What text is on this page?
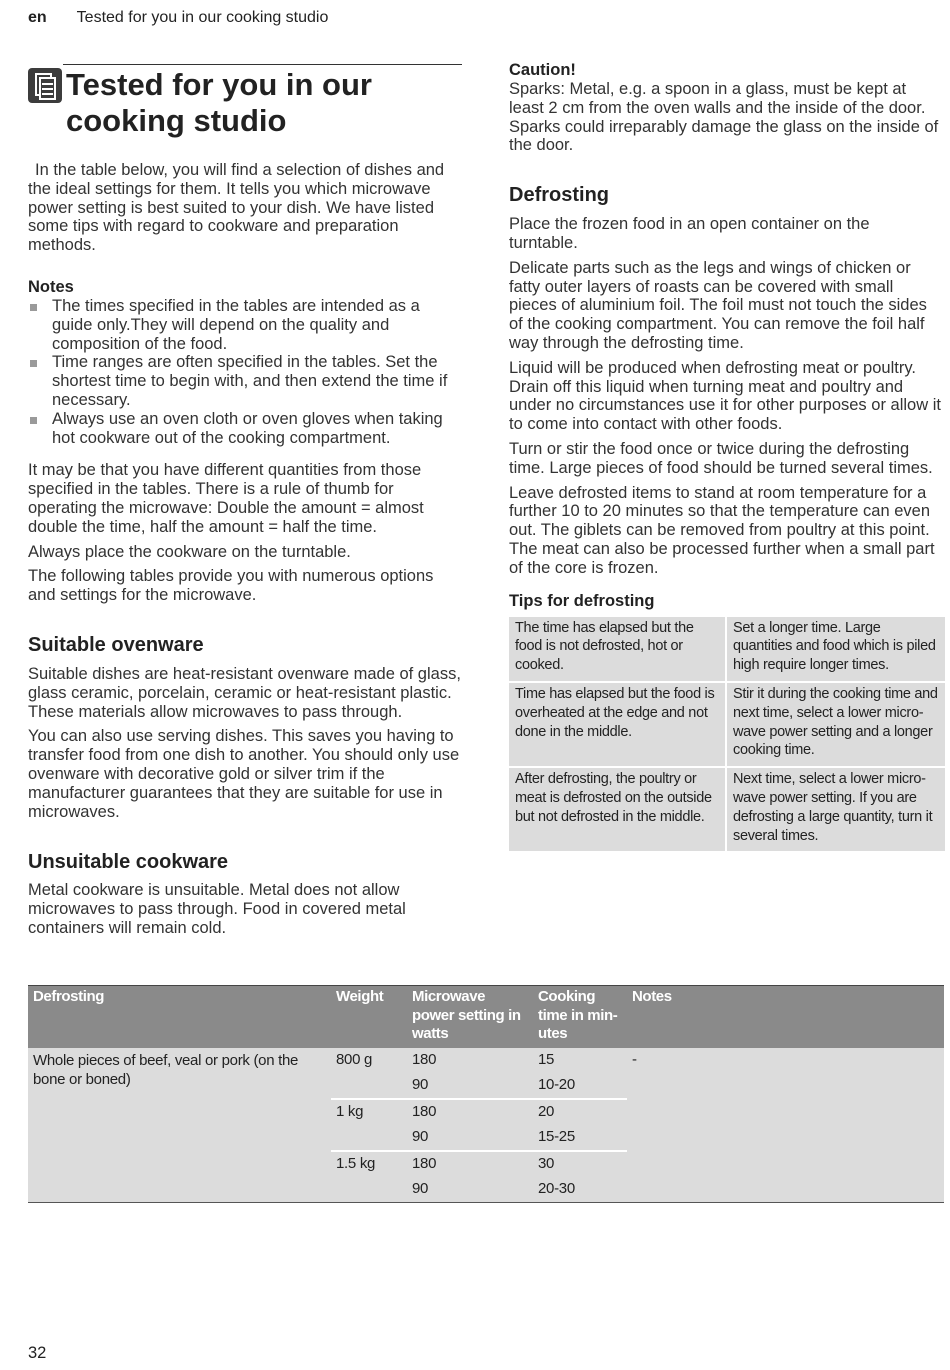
en Tested for you in our cooking studio
Tested for you in our
cooking studio

In the table below, you will find a selection of dishes and the ideal settings for them. It tells you which microwave power setting is best suited to your dish. We have listed some tips with regard to cookware and preparation methods.

Notes
The times specified in the tables are intended as a guide only.They will depend on the quality and composition of the food.
Time ranges are often specified in the tables. Set the shortest time to begin with, and then extend the time if necessary.
Always use an oven cloth or oven gloves when taking hot cookware out of the cooking compartment.

It may be that you have different quantities from those specified in the tables. There is a rule of thumb for operating the microwave: Double the amount = almost double the time, half the amount = half the time.

Always place the cookware on the turntable.

The following tables provide you with numerous options and settings for the microwave.

Suitable ovenware

Suitable dishes are heat-resistant ovenware made of glass, glass ceramic, porcelain, ceramic or heat-resistant plastic. These materials allow microwaves to pass through.

You can also use serving dishes. This saves you having to transfer food from one dish to another. You should only use ovenware with decorative gold or silver trim if the manufacturer guarantees that they are suitable for use in microwaves.

Unsuitable cookware

Metal cookware is unsuitable. Metal does not allow microwaves to pass through. Food in covered metal containers will remain cold.

Caution!

Sparks: Metal, e.g. a spoon in a glass, must be kept at least 2 cm from the oven walls and the inside of the door. Sparks could irreparably damage the glass on the inside of the door.

Defrosting

Place the frozen food in an open container on the turntable.

Delicate parts such as the legs and wings of chicken or fatty outer layers of roasts can be covered with small pieces of aluminium foil. The foil must not touch the sides of the cooking compartment. You can remove the foil half way through the defrosting time.

Liquid will be produced when defrosting meat or poultry. Drain off this liquid when turning meat and poultry and under no circumstances use it for other purposes or allow it to come into contact with other foods.

Turn or stir the food once or twice during the defrosting time. Large pieces of food should be turned several times.

Leave defrosted items to stand at room temperature for a further 10 to 20 minutes so that the temperature can even out. The giblets can be removed from poultry at this point. The meat can also be processed further when a small part of the core is frozen.

Tips for defrosting
The time has elapsed but the food is not defrosted, hot or cooked.	Set a longer time. Large quantities and food which is piled high require longer times.
Time has elapsed but the food is overheated at the edge and not done in the middle.	Stir it during the cooking time and next time, select a lower micro-wave power setting and a longer cooking time.
After defrosting, the poultry or meat is defrosted on the outside but not defrosted in the middle.	Next time, select a lower micro-wave power setting. If you are defrosting a large quantity, turn it several times.
Defrosting	Weight	Microwave power setting in watts	Cooking time in min-utes	Notes
Whole pieces of beef, veal or pork (on the bone or boned)	800 g	180	15	-
		90	10-20	
	1 kg	180	20	
		90	15-25	
	1.5 kg	180	30	
		90	20-30	
32
